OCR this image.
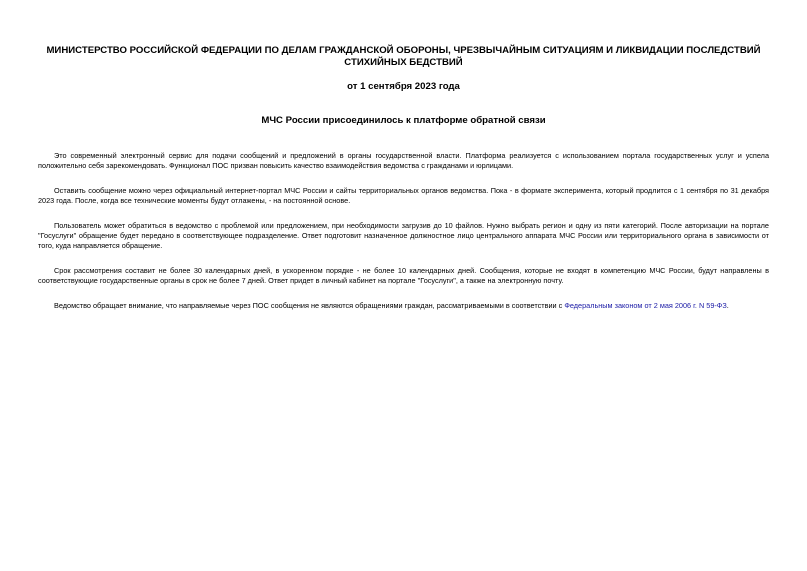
МИНИСТЕРСТВО РОССИЙСКОЙ ФЕДЕРАЦИИ ПО ДЕЛАМ ГРАЖДАНСКОЙ ОБОРОНЫ, ЧРЕЗВЫЧАЙНЫМ СИТУАЦИЯМ И ЛИКВИДАЦИИ ПОСЛЕДСТВИЙ СТИХИЙНЫХ БЕДСТВИЙ
от 1 сентября 2023 года
МЧС России присоединилось к платформе обратной связи

Это современный электронный сервис для подачи сообщений и предложений в органы государственной власти. Платформа реализуется с использованием портала государственных услуг и успела положительно себя зарекомендовать. Функционал ПОС призван повысить качество взаимодействия ведомства с гражданами и юрлицами.

Оставить сообщение можно через официальный интернет-портал МЧС России и сайты территориальных органов ведомства. Пока - в формате эксперимента, который продлится с 1 сентября по 31 декабря 2023 года. После, когда все технические моменты будут отлажены, - на постоянной основе.

Пользователь может обратиться в ведомство с проблемой или предложением, при необходимости загрузив до 10 файлов. Нужно выбрать регион и одну из пяти категорий. После авторизации на портале "Госуслуги" обращение будет передано в соответствующее подразделение. Ответ подготовит назначенное должностное лицо центрального аппарата МЧС России или территориального органа в зависимости от того, куда направляется обращение.

Срок рассмотрения составит не более 30 календарных дней, в ускоренном порядке - не более 10 календарных дней. Сообщения, которые не входят в компетенцию МЧС России, будут направлены в соответствующие государственные органы в срок не более 7 дней. Ответ придет в личный кабинет на портале "Госуслуги", а также на электронную почту.

Ведомство обращает внимание, что направляемые через ПОС сообщения не являются обращениями граждан, рассматриваемыми в соответствии с Федеральным законом от 2 мая 2006 г. N 59-ФЗ.
